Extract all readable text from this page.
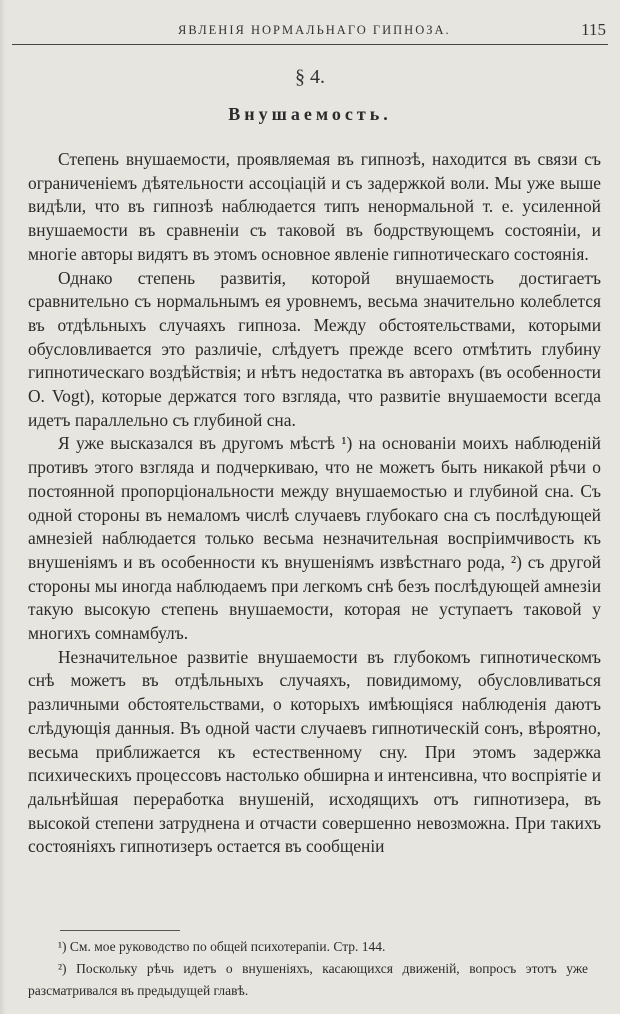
ЯВЛЕНІЯ НОРМАЛЬНАГО ГИПНОЗА.	115
§ 4.
Внушаемость.

Степень внушаемости, проявляемая въ гипнозѣ, находится въ связи съ ограниченіемъ дѣятельности ассоціацій и съ задержкой воли. Мы уже выше видѣли, что въ гипнозѣ наблюдается типъ ненормальной т. е. усиленной внушаемости въ сравненіи съ таковой въ бодрствующемъ состояніи, и многіе авторы видятъ въ этомъ основное явленіе гипнотическаго состоянія.

Однако степень развитія, которой внушаемость достигаетъ сравнительно съ нормальнымъ ея уровнемъ, весьма значительно колеблется въ отдѣльныхъ случаяхъ гипноза. Между обстоятельствами, которыми обусловливается это различіе, слѣдуетъ прежде всего отмѣтить глубину гипнотическаго воздѣйствія; и нѣтъ недостатка въ авторахъ (въ особенности О. Vogt), которые держатся того взгляда, что развитіе внушаемости всегда идетъ параллельно съ глубиной сна.

Я уже высказался въ другомъ мѣстѣ ¹) на основаніи моихъ наблюденій противъ этого взгляда и подчеркиваю, что не можетъ быть никакой рѣчи о постоянной пропорціональности между внушаемостью и глубиной сна. Съ одной стороны въ немаломъ числѣ случаевъ глубокаго сна съ послѣдующей амнезіей наблюдается только весьма незначительная воспріимчивость къ внушеніямъ и въ особенности къ внушеніямъ извѣстнаго рода, ²) съ другой стороны мы иногда наблюдаемъ при легкомъ снѣ безъ послѣдующей амнезіи такую высокую степень внушаемости, которая не уступаетъ таковой у многихъ сомнамбулъ.

Незначительное развитіе внушаемости въ глубокомъ гипнотическомъ снѣ можетъ въ отдѣльныхъ случаяхъ, повидимому, обусловливаться различными обстоятельствами, о которыхъ имѣющіяся наблюденія даютъ слѣдующія данныя. Въ одной части случаевъ гипнотическій сонъ, вѣроятно, весьма приближается къ естественному сну. При этомъ задержка психическихъ процессовъ настолько обширна и интенсивна, что воспріятіе и дальнѣйшая переработка внушеній, исходящихъ отъ гипнотизера, въ высокой степени затруднена и отчасти совершенно невозможна. При такихъ состояніяхъ гипнотизеръ остается въ сообщеніи

¹) См. мое руководство по общей психотерапіи. Стр. 144.

²) Поскольку рѣчь идетъ о внушеніяхъ, касающихся движеній, вопросъ этотъ уже разсматривался въ предыдущей главѣ.
